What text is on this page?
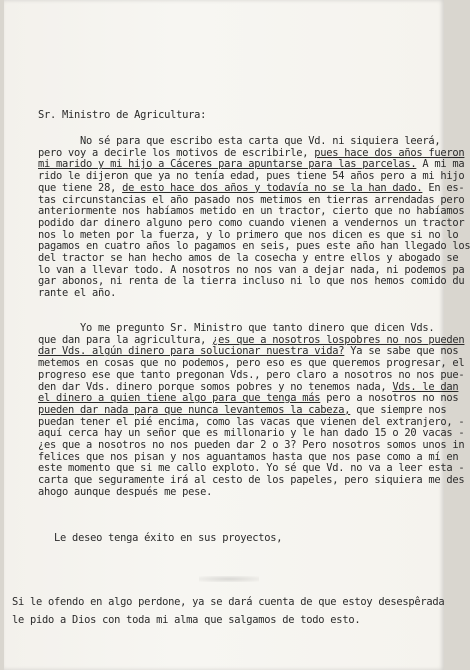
Sr. Ministro de Agricultura:
No sé para que escribo esta carta que Vd. ni siquiera leerá,
pero voy a decirle los motivos de escribirle, pues hace dos años fueron
mi marido y mi hijo a Cáceres para apuntarse para las parcelas. A mi ma
rido le dijeron que ya no tenía edad, pues tiene 54 años pero a mi hijo
que tiene 28, de esto hace dos años y todavía no se la han dado. En es-
tas circunstancias el año pasado nos metimos en tierras arrendadas pero
anteriormente nos habíamos metido en un tractor, cierto que no habíamos
podido dar dinero alguno pero como cuando vienen a vendernos un tractor
nos lo meten por la fuerza, y lo primero que nos dicen es que si no lo
pagamos en cuatro años lo pagamos en seis, pues este año han llegado los
del tractor se han hecho amos de la cosecha y entre ellos y abogado se
lo van a llevar todo. A nosotros no nos van a dejar nada, ni podemos pa
gar abonos, ni renta de la tierra incluso ni lo que nos hemos comido du
rante el año.
Yo me pregunto Sr. Ministro que tanto dinero que dicen Vds.
que dan para la agricultura, ¿es que a nosotros lospobres no nos pueden
dar Vds. algún dinero para solucionar nuestra vida? Ya se sabe que nos
metemos en cosas que no podemos, pero eso es que queremos progresar, el
progreso ese que tanto pregonan Vds., pero claro a nosotros no nos pue-
den dar Vds. dinero porque somos pobres y no tenemos nada, Vds. le dan
el dinero a quien tiene algo para que tenga más pero a nosotros no nos
pueden dar nada para que nunca levantemos la cabeza, que siempre nos
puedan tener el pié encima, como las vacas que vienen del extranjero, -
aquí cerca hay un señor que es millonario y le han dado 15 o 20 vacas -
¿es que a nosotros no nos pueden dar 2 o 3? Pero nosotros somos unos in
felices que nos pisan y nos aguantamos hasta que nos pase como a mí en
este momento que si me callo exploto. Yo sé que Vd. no va a leer esta -
carta que seguramente irá al cesto de los papeles, pero siquiera me des
ahogo aunque después me pese.
Le deseo tenga éxito en sus proyectos,
Si le ofendo en algo perdone, ya se dará cuenta de que estoy desespêrada
le pido a Dios con toda mi alma que salgamos de todo esto.
